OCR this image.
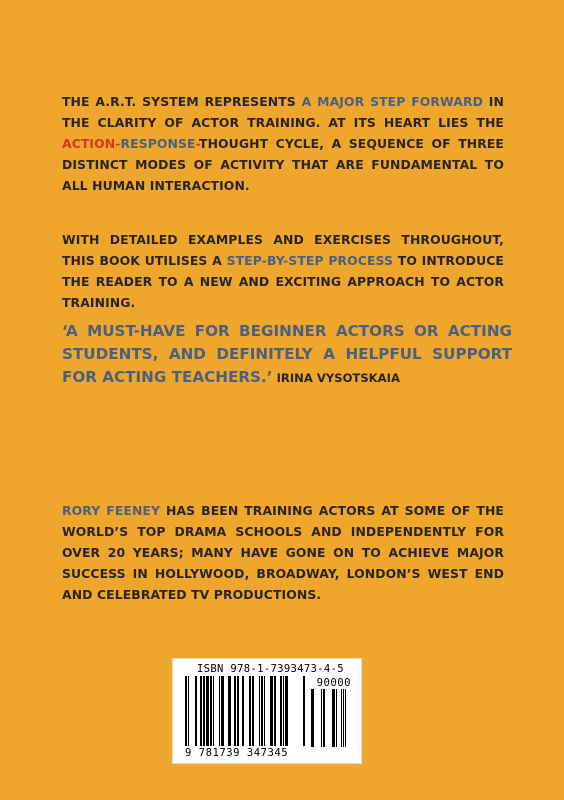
THE A.R.T. SYSTEM REPRESENTS A MAJOR STEP FORWARD IN THE CLARITY OF ACTOR TRAINING. AT ITS HEART LIES THE ACTION-RESPONSE-THOUGHT CYCLE, A SEQUENCE OF THREE DISTINCT MODES OF ACTIVITY THAT ARE FUNDAMENTAL TO ALL HUMAN INTERACTION.

WITH DETAILED EXAMPLES AND EXERCISES THROUGHOUT, THIS BOOK UTILISES A STEP-BY-STEP PROCESS TO INTRODUCE THE READER TO A NEW AND EXCITING APPROACH TO ACTOR TRAINING.

‘A MUST-HAVE FOR BEGINNER ACTORS OR ACTING STUDENTS, AND DEFINITELY A HELPFUL SUPPORT FOR ACTING TEACHERS.’ IRINA VYSOTSKAIA

RORY FEENEY HAS BEEN TRAINING ACTORS AT SOME OF THE WORLD’S TOP DRAMA SCHOOLS AND INDEPENDENTLY FOR OVER 20 YEARS; MANY HAVE GONE ON TO ACHIEVE MAJOR SUCCESS IN HOLLYWOOD, BROADWAY, LONDON’S WEST END AND CELEBRATED TV PRODUCTIONS.

ISBN 978-1-7393473-4-5
90000
9 781739 347345
